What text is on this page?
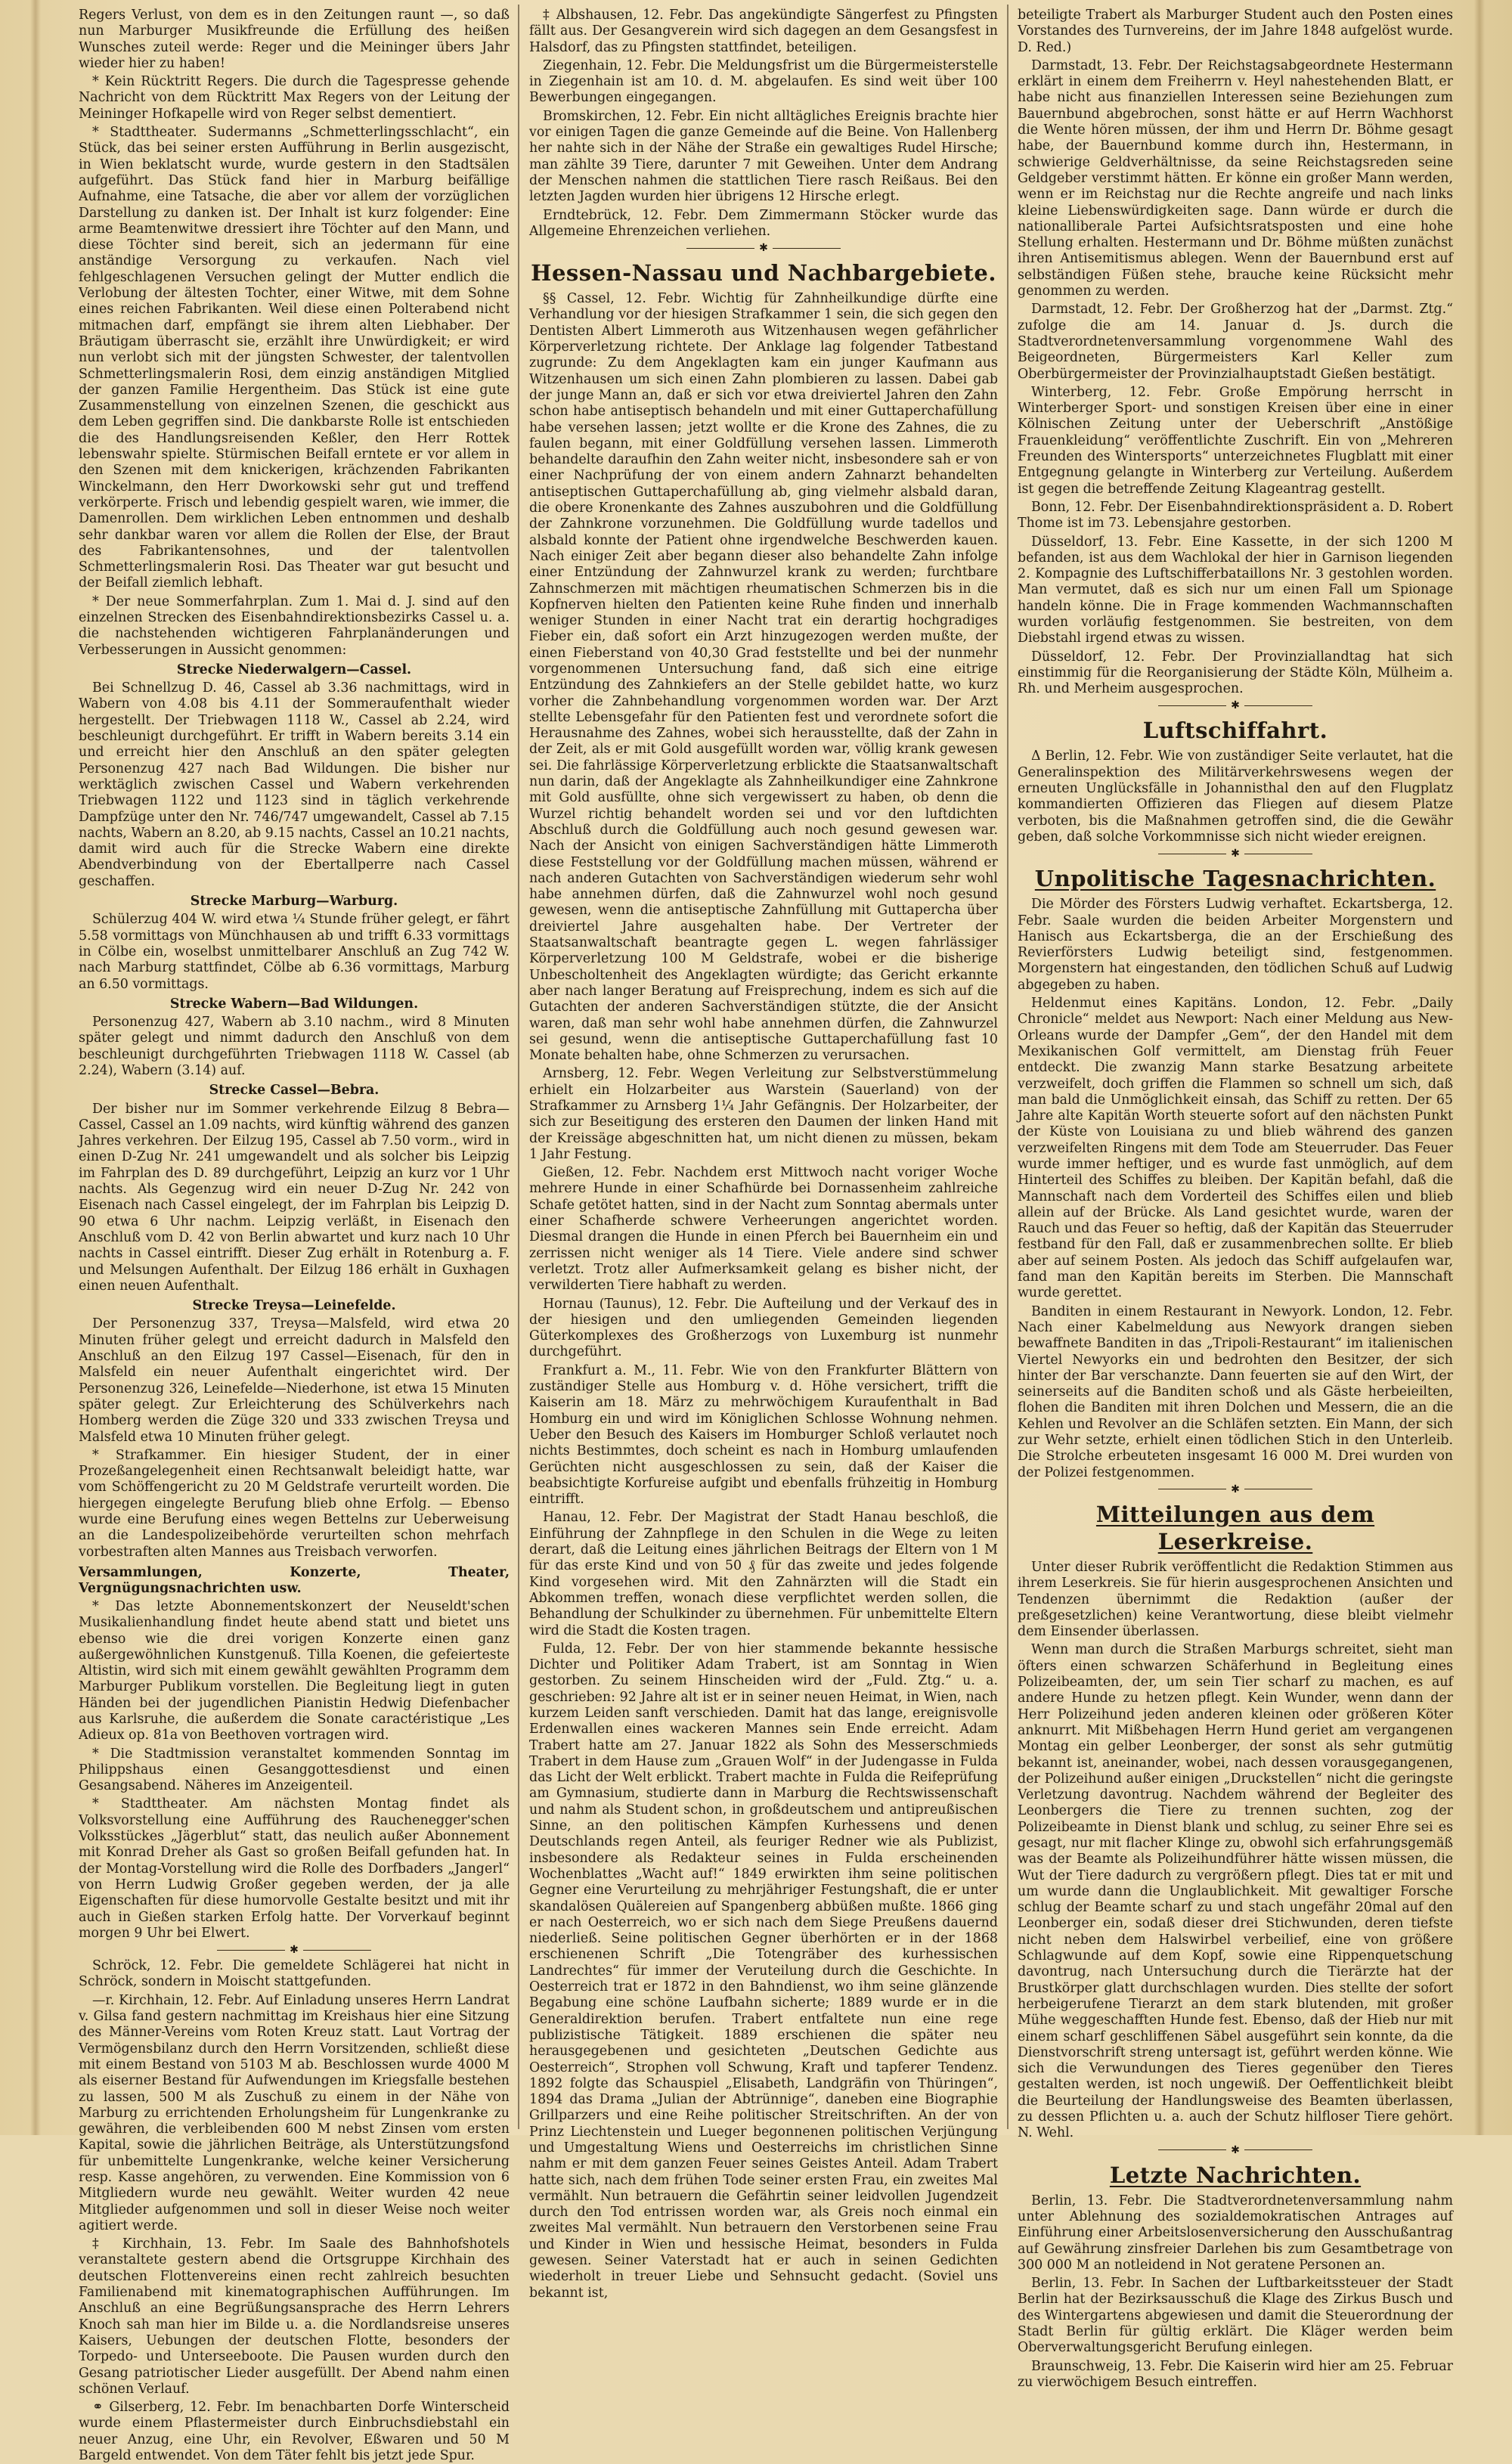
Regers Verlust, von dem es in den Zeitungen raunt —, so daß nun Marburger Musikfreunde die Erfüllung des heißen Wunsches zuteil werde: Reger und die Meininger übers Jahr wieder hier zu haben!

* Kein Rücktritt Regers. Die durch die Tagespresse gehende Nachricht von dem Rücktritt Max Regers von der Leitung der Meininger Hofkapelle wird von Reger selbst dementiert.

* Stadttheater. Sudermanns „Schmetterlingsschlacht“, ein Stück, das bei seiner ersten Aufführung in Berlin ausgezischt, in Wien beklatscht wurde, wurde gestern in den Stadtsälen aufgeführt. Das Stück fand hier in Marburg beifällige Aufnahme, eine Tatsache, die aber vor allem der vorzüglichen Darstellung zu danken ist. Der Inhalt ist kurz folgender: Eine arme Beamtenwitwe dressiert ihre Töchter auf den Mann, und diese Töchter sind bereit, sich an jedermann für eine anständige Versorgung zu verkaufen. Nach viel fehlgeschlagenen Versuchen gelingt der Mutter endlich die Verlobung der ältesten Tochter, einer Witwe, mit dem Sohne eines reichen Fabrikanten. Weil diese einen Polterabend nicht mitmachen darf, empfängt sie ihrem alten Liebhaber. Der Bräutigam überrascht sie, erzählt ihre Unwürdigkeit; er wird nun verlobt sich mit der jüngsten Schwester, der talentvollen Schmetterlingsmalerin Rosi, dem einzig anständigen Mitglied der ganzen Familie Hergentheim. Das Stück ist eine gute Zusammenstellung von einzelnen Szenen, die geschickt aus dem Leben gegriffen sind. Die dankbarste Rolle ist entschieden die des Handlungsreisenden Keßler, den Herr Rottek lebenswahr spielte. Stürmischen Beifall erntete er vor allem in den Szenen mit dem knickerigen, krächzenden Fabrikanten Winckelmann, den Herr Dworkowski sehr gut und treffend verkörperte. Frisch und lebendig gespielt waren, wie immer, die Damenrollen. Dem wirklichen Leben entnommen und deshalb sehr dankbar waren vor allem die Rollen der Else, der Braut des Fabrikantensohnes, und der talentvollen Schmetterlingsmalerin Rosi. Das Theater war gut besucht und der Beifall ziemlich lebhaft.

* Der neue Sommerfahrplan. Zum 1. Mai d. J. sind auf den einzelnen Strecken des Eisenbahndirektionsbezirks Cassel u. a. die nachstehenden wichtigeren Fahrplanänderungen und Verbesserungen in Aussicht genommen:

Strecke Niederwalgern—Cassel.

Bei Schnellzug D. 46, Cassel ab 3.36 nachmittags, wird in Wabern von 4.08 bis 4.11 der Sommeraufenthalt wieder hergestellt. Der Triebwagen 1118 W., Cassel ab 2.24, wird beschleunigt durchgeführt. Er trifft in Wabern bereits 3.14 ein und erreicht hier den Anschluß an den später gelegten Personenzug 427 nach Bad Wildungen. Die bisher nur werktäglich zwischen Cassel und Wabern verkehrenden Triebwagen 1122 und 1123 sind in täglich verkehrende Dampfzüge unter den Nr. 746/747 umgewandelt, Cassel ab 7.15 nachts, Wabern an 8.20, ab 9.15 nachts, Cassel an 10.21 nachts, damit wird auch für die Strecke Wabern eine direkte Abendverbindung von der Ebertallperre nach Cassel geschaffen.

Strecke Marburg—Warburg.

Schülerzug 404 W. wird etwa ¼ Stunde früher gelegt, er fährt 5.58 vormittags von Münchhausen ab und trifft 6.33 vormittags in Cölbe ein, woselbst unmittelbarer Anschluß an Zug 742 W. nach Marburg stattfindet, Cölbe ab 6.36 vormittags, Marburg an 6.50 vormittags.

Strecke Wabern—Bad Wildungen.

Personenzug 427, Wabern ab 3.10 nachm., wird 8 Minuten später gelegt und nimmt dadurch den Anschluß von dem beschleunigt durchgeführten Triebwagen 1118 W. Cassel (ab 2.24), Wabern (3.14) auf.

Strecke Cassel—Bebra.

Der bisher nur im Sommer verkehrende Eilzug 8 Bebra—Cassel, Cassel an 1.09 nachts, wird künftig während des ganzen Jahres verkehren. Der Eilzug 195, Cassel ab 7.50 vorm., wird in einen D-Zug Nr. 241 umgewandelt und als solcher bis Leipzig im Fahrplan des D. 89 durchgeführt, Leipzig an kurz vor 1 Uhr nachts. Als Gegenzug wird ein neuer D-Zug Nr. 242 von Eisenach nach Cassel eingelegt, der im Fahrplan bis Leipzig D. 90 etwa 6 Uhr nachm. Leipzig verläßt, in Eisenach den Anschluß vom D. 42 von Berlin abwartet und kurz nach 10 Uhr nachts in Cassel eintrifft. Dieser Zug erhält in Rotenburg a. F. und Melsungen Aufenthalt. Der Eilzug 186 erhält in Guxhagen einen neuen Aufenthalt.

Strecke Treysa—Leinefelde.

Der Personenzug 337, Treysa—Malsfeld, wird etwa 20 Minuten früher gelegt und erreicht dadurch in Malsfeld den Anschluß an den Eilzug 197 Cassel—Eisenach, für den in Malsfeld ein neuer Aufenthalt eingerichtet wird. Der Personenzug 326, Leinefelde—Niederhone, ist etwa 15 Minuten später gelegt. Zur Erleichterung des Schülverkehrs nach Homberg werden die Züge 320 und 333 zwischen Treysa und Malsfeld etwa 10 Minuten früher gelegt.

* Strafkammer. Ein hiesiger Student, der in einer Prozeßangelegenheit einen Rechtsanwalt beleidigt hatte, war vom Schöffengericht zu 20 M Geldstrafe verurteilt worden. Die hiergegen eingelegte Berufung blieb ohne Erfolg. — Ebenso wurde eine Berufung eines wegen Bettelns zur Ueberweisung an die Landespolizeibehörde verurteilten schon mehrfach vorbestraften alten Mannes aus Treisbach verworfen.

Versammlungen, Konzerte, Theater, Vergnügungsnachrichten usw.

* Das letzte Abonnementskonzert der Neuseldt'schen Musikalienhandlung findet heute abend statt und bietet uns ebenso wie die drei vorigen Konzerte einen ganz außergewöhnlichen Kunstgenuß. Tilla Koenen, die gefeierteste Altistin, wird sich mit einem gewählt gewählten Programm dem Marburger Publikum vorstellen. Die Begleitung liegt in guten Händen bei der jugendlichen Pianistin Hedwig Diefenbacher aus Karlsruhe, die außerdem die Sonate caractéristique „Les Adieux op. 81a von Beethoven vortragen wird.

* Die Stadtmission veranstaltet kommenden Sonntag im Philippshaus einen Gesanggottesdienst und einen Gesangsabend. Näheres im Anzeigenteil.

* Stadttheater. Am nächsten Montag findet als Volksvorstellung eine Aufführung des Rauchenegger'schen Volksstückes „Jägerblut“ statt, das neulich außer Abonnement mit Konrad Dreher als Gast so großen Beifall gefunden hat. In der Montag-Vorstellung wird die Rolle des Dorfbaders „Jangerl“ von Herrn Ludwig Großer gegeben werden, der ja alle Eigenschaften für diese humorvolle Gestalte besitzt und mit ihr auch in Gießen starken Erfolg hatte. Der Vorverkauf beginnt morgen 9 Uhr bei Elwert.

✱

Schröck, 12. Febr. Die gemeldete Schlägerei hat nicht in Schröck, sondern in Moischt stattgefunden.

—r. Kirchhain, 12. Febr. Auf Einladung unseres Herrn Landrat v. Gilsa fand gestern nachmittag im Kreishaus hier eine Sitzung des Männer-Vereins vom Roten Kreuz statt. Laut Vortrag der Vermögensbilanz durch den Herrn Vorsitzenden, schließt diese mit einem Bestand von 5103 M ab. Beschlossen wurde 4000 M als eiserner Bestand für Aufwendungen im Kriegsfalle bestehen zu lassen, 500 M als Zuschuß zu einem in der Nähe von Marburg zu errichtenden Erholungsheim für Lungenkranke zu gewähren, die verbleibenden 600 M nebst Zinsen vom ersten Kapital, sowie die jährlichen Beiträge, als Unterstützungsfond für unbemittelte Lungenkranke, welche keiner Versicherung resp. Kasse angehören, zu verwenden. Eine Kommission von 6 Mitgliedern wurde neu gewählt. Weiter wurden 42 neue Mitglieder aufgenommen und soll in dieser Weise noch weiter agitiert werde.

‡ Kirchhain, 13. Febr. Im Saale des Bahnhofshotels veranstaltete gestern abend die Ortsgruppe Kirchhain des deutschen Flottenvereins einen recht zahlreich besuchten Familienabend mit kinematographischen Aufführungen. Im Anschluß an eine Begrüßungsansprache des Herrn Lehrers Knoch sah man hier im Bilde u. a. die Nordlandsreise unseres Kaisers, Uebungen der deutschen Flotte, besonders der Torpedo- und Unterseeboote. Die Pausen wurden durch den Gesang patriotischer Lieder ausgefüllt. Der Abend nahm einen schönen Verlauf.

⚭ Gilserberg, 12. Febr. Im benachbarten Dorfe Winterscheid wurde einem Pflastermeister durch Einbruchsdiebstahl ein neuer Anzug, eine Uhr, ein Revolver, Eßwaren und 50 M Bargeld entwendet. Von dem Täter fehlt bis jetzt jede Spur.

‡ Albshausen, 12. Febr. Das angekündigte Sängerfest zu Pfingsten fällt aus. Der Gesangverein wird sich dagegen an dem Gesangsfest in Halsdorf, das zu Pfingsten stattfindet, beteiligen.

Ziegenhain, 12. Febr. Die Meldungsfrist um die Bürgermeisterstelle in Ziegenhain ist am 10. d. M. abgelaufen. Es sind weit über 100 Bewerbungen eingegangen.

Bromskirchen, 12. Febr. Ein nicht alltägliches Ereignis brachte hier vor einigen Tagen die ganze Gemeinde auf die Beine. Von Hallenberg her nahte sich in der Nähe der Straße ein gewaltiges Rudel Hirsche; man zählte 39 Tiere, darunter 7 mit Geweihen. Unter dem Andrang der Menschen nahmen die stattlichen Tiere rasch Reißaus. Bei den letzten Jagden wurden hier übrigens 12 Hirsche erlegt.

Erndtebrück, 12. Febr. Dem Zimmermann Stöcker wurde das Allgemeine Ehrenzeichen verliehen.

✱
Hessen-Nassau und Nachbargebiete.

§§ Cassel, 12. Febr. Wichtig für Zahnheilkundige dürfte eine Verhandlung vor der hiesigen Strafkammer 1 sein, die sich gegen den Dentisten Albert Limmeroth aus Witzenhausen wegen gefährlicher Körperverletzung richtete. Der Anklage lag folgender Tatbestand zugrunde: Zu dem Angeklagten kam ein junger Kaufmann aus Witzenhausen um sich einen Zahn plombieren zu lassen. Dabei gab der junge Mann an, daß er sich vor etwa dreiviertel Jahren den Zahn schon habe antiseptisch behandeln und mit einer Guttaperchafüllung habe versehen lassen; jetzt wollte er die Krone des Zahnes, die zu faulen begann, mit einer Goldfüllung versehen lassen. Limmeroth behandelte daraufhin den Zahn weiter nicht, insbesondere sah er von einer Nachprüfung der von einem andern Zahnarzt behandelten antiseptischen Guttaperchafüllung ab, ging vielmehr alsbald daran, die obere Kronenkante des Zahnes auszubohren und die Goldfüllung der Zahnkrone vorzunehmen. Die Goldfüllung wurde tadellos und alsbald konnte der Patient ohne irgendwelche Beschwerden kauen. Nach einiger Zeit aber begann dieser also behandelte Zahn infolge einer Entzündung der Zahnwurzel krank zu werden; furchtbare Zahnschmerzen mit mächtigen rheumatischen Schmerzen bis in die Kopfnerven hielten den Patienten keine Ruhe finden und innerhalb weniger Stunden in einer Nacht trat ein derartig hochgradiges Fieber ein, daß sofort ein Arzt hinzugezogen werden mußte, der einen Fieberstand von 40,30 Grad feststellte und bei der nunmehr vorgenommenen Untersuchung fand, daß sich eine eitrige Entzündung des Zahnkiefers an der Stelle gebildet hatte, wo kurz vorher die Zahnbehandlung vorgenommen worden war. Der Arzt stellte Lebensgefahr für den Patienten fest und verordnete sofort die Herausnahme des Zahnes, wobei sich herausstellte, daß der Zahn in der Zeit, als er mit Gold ausgefüllt worden war, völlig krank gewesen sei. Die fahrlässige Körperverletzung erblickte die Staatsanwaltschaft nun darin, daß der Angeklagte als Zahnheilkundiger eine Zahnkrone mit Gold ausfüllte, ohne sich vergewissert zu haben, ob denn die Wurzel richtig behandelt worden sei und vor den luftdichten Abschluß durch die Goldfüllung auch noch gesund gewesen war. Nach der Ansicht von einigen Sachverständigen hätte Limmeroth diese Feststellung vor der Goldfüllung machen müssen, während er nach anderen Gutachten von Sachverständigen wiederum sehr wohl habe annehmen dürfen, daß die Zahnwurzel wohl noch gesund gewesen, wenn die antiseptische Zahnfüllung mit Guttapercha über dreiviertel Jahre ausgehalten habe. Der Vertreter der Staatsanwaltschaft beantragte gegen L. wegen fahrlässiger Körperverletzung 100 M Geldstrafe, wobei er die bisherige Unbescholtenheit des Angeklagten würdigte; das Gericht erkannte aber nach langer Beratung auf Freisprechung, indem es sich auf die Gutachten der anderen Sachverständigen stützte, die der Ansicht waren, daß man sehr wohl habe annehmen dürfen, die Zahnwurzel sei gesund, wenn die antiseptische Guttaperchafüllung fast 10 Monate behalten habe, ohne Schmerzen zu verursachen.

Arnsberg, 12. Febr. Wegen Verleitung zur Selbstverstümmelung erhielt ein Holzarbeiter aus Warstein (Sauerland) von der Strafkammer zu Arnsberg 1¼ Jahr Gefängnis. Der Holzarbeiter, der sich zur Beseitigung des ersteren den Daumen der linken Hand mit der Kreissäge abgeschnitten hat, um nicht dienen zu müssen, bekam 1 Jahr Festung.

Gießen, 12. Febr. Nachdem erst Mittwoch nacht voriger Woche mehrere Hunde in einer Schafhürde bei Dornassenheim zahlreiche Schafe getötet hatten, sind in der Nacht zum Sonntag abermals unter einer Schafherde schwere Verheerungen angerichtet worden. Diesmal drangen die Hunde in einen Pferch bei Bauernheim ein und zerrissen nicht weniger als 14 Tiere. Viele andere sind schwer verletzt. Trotz aller Aufmerksamkeit gelang es bisher nicht, der verwilderten Tiere habhaft zu werden.

Hornau (Taunus), 12. Febr. Die Aufteilung und der Verkauf des in der hiesigen und den umliegenden Gemeinden liegenden Güterkomplexes des Großherzogs von Luxemburg ist nunmehr durchgeführt.

Frankfurt a. M., 11. Febr. Wie von den Frankfurter Blättern von zuständiger Stelle aus Homburg v. d. Höhe versichert, trifft die Kaiserin am 18. März zu mehrwöchigem Kuraufenthalt in Bad Homburg ein und wird im Königlichen Schlosse Wohnung nehmen. Ueber den Besuch des Kaisers im Homburger Schloß verlautet noch nichts Bestimmtes, doch scheint es nach in Homburg umlaufenden Gerüchten nicht ausgeschlossen zu sein, daß der Kaiser die beabsichtigte Korfureise aufgibt und ebenfalls frühzeitig in Homburg eintrifft.

Hanau, 12. Febr. Der Magistrat der Stadt Hanau beschloß, die Einführung der Zahnpflege in den Schulen in die Wege zu leiten derart, daß die Leitung eines jährlichen Beitrags der Eltern von 1 M für das erste Kind und von 50 ₰ für das zweite und jedes folgende Kind vorgesehen wird. Mit den Zahnärzten will die Stadt ein Abkommen treffen, wonach diese verpflichtet werden sollen, die Behandlung der Schulkinder zu übernehmen. Für unbemittelte Eltern wird die Stadt die Kosten tragen.

Fulda, 12. Febr. Der von hier stammende bekannte hessische Dichter und Politiker Adam Trabert, ist am Sonntag in Wien gestorben. Zu seinem Hinscheiden wird der „Fuld. Ztg.“ u. a. geschrieben: 92 Jahre alt ist er in seiner neuen Heimat, in Wien, nach kurzem Leiden sanft verschieden. Damit hat das lange, ereignisvolle Erdenwallen eines wackeren Mannes sein Ende erreicht. Adam Trabert hatte am 27. Januar 1822 als Sohn des Messerschmieds Trabert in dem Hause zum „Grauen Wolf“ in der Judengasse in Fulda das Licht der Welt erblickt. Trabert machte in Fulda die Reifeprüfung am Gymnasium, studierte dann in Marburg die Rechtswissenschaft und nahm als Student schon, in großdeutschem und antipreußischen Sinne, an den politischen Kämpfen Kurhessens und denen Deutschlands regen Anteil, als feuriger Redner wie als Publizist, insbesondere als Redakteur seines in Fulda erscheinenden Wochenblattes „Wacht auf!“ 1849 erwirkten ihm seine politischen Gegner eine Verurteilung zu mehrjähriger Festungshaft, die er unter skandalösen Quälereien auf Spangenberg abbüßen mußte. 1866 ging er nach Oesterreich, wo er sich nach dem Siege Preußens dauernd niederließ. Seine politischen Gegner überhörten er in der 1868 erschienenen Schrift „Die Totengräber des kurhessischen Landrechtes“ für immer der Veruteilung durch die Geschichte. In Oesterreich trat er 1872 in den Bahndienst, wo ihm seine glänzende Begabung eine schöne Laufbahn sicherte; 1889 wurde er in die Generaldirektion berufen. Trabert entfaltete nun eine rege publizistische Tätigkeit. 1889 erschienen die später neu herausgegebenen und gesichteten „Deutschen Gedichte aus Oesterreich“, Strophen voll Schwung, Kraft und tapferer Tendenz. 1892 folgte das Schauspiel „Elisabeth, Landgräfin von Thüringen“, 1894 das Drama „Julian der Abtrünnige“, daneben eine Biographie Grillparzers und eine Reihe politischer Streitschriften. An der von Prinz Liechtenstein und Lueger begonnenen politischen Verjüngung und Umgestaltung Wiens und Oesterreichs im christlichen Sinne nahm er mit dem ganzen Feuer seines Geistes Anteil. Adam Trabert hatte sich, nach dem frühen Tode seiner ersten Frau, ein zweites Mal vermählt. Nun betrauern die Gefährtin seiner leidvollen Jugendzeit durch den Tod entrissen worden war, als Greis noch einmal ein zweites Mal vermählt. Nun betrauern den Verstorbenen seine Frau und Kinder in Wien und hessische Heimat, besonders in Fulda gewesen. Seiner Vaterstadt hat er auch in seinen Gedichten wiederholt in treuer Liebe und Sehnsucht gedacht. (Soviel uns bekannt ist,

beteiligte Trabert als Marburger Student auch den Posten eines Vorstandes des Turnvereins, der im Jahre 1848 aufgelöst wurde. D. Red.)

Darmstadt, 13. Febr. Der Reichstagsabgeordnete Hestermann erklärt in einem dem Freiherrn v. Heyl nahestehenden Blatt, er habe nicht aus finanziellen Interessen seine Beziehungen zum Bauernbund abgebrochen, sonst hätte er auf Herrn Wachhorst die Wente hören müssen, der ihm und Herrn Dr. Böhme gesagt habe, der Bauernbund komme durch ihn, Hestermann, in schwierige Geldverhältnisse, da seine Reichstagsreden seine Geldgeber verstimmt hätten. Er könne ein großer Mann werden, wenn er im Reichstag nur die Rechte angreife und nach links kleine Liebenswürdigkeiten sage. Dann würde er durch die nationalliberale Partei Aufsichtsratsposten und eine hohe Stellung erhalten. Hestermann und Dr. Böhme müßten zunächst ihren Antisemitismus ablegen. Wenn der Bauernbund erst auf selbständigen Füßen stehe, brauche keine Rücksicht mehr genommen zu werden.

Darmstadt, 12. Febr. Der Großherzog hat der „Darmst. Ztg.“ zufolge die am 14. Januar d. Js. durch die Stadtverordnetenversammlung vorgenommene Wahl des Beigeordneten, Bürgermeisters Karl Keller zum Oberbürgermeister der Provinzialhauptstadt Gießen bestätigt.

Winterberg, 12. Febr. Große Empörung herrscht in Winterberger Sport- und sonstigen Kreisen über eine in einer Kölnischen Zeitung unter der Ueberschrift „Anstößige Frauenkleidung“ veröffentlichte Zuschrift. Ein von „Mehreren Freunden des Wintersports“ unterzeichnetes Flugblatt mit einer Entgegnung gelangte in Winterberg zur Verteilung. Außerdem ist gegen die betreffende Zeitung Klageantrag gestellt.

Bonn, 12. Febr. Der Eisenbahndirektionspräsident a. D. Robert Thome ist im 73. Lebensjahre gestorben.

Düsseldorf, 13. Febr. Eine Kassette, in der sich 1200 M befanden, ist aus dem Wachlokal der hier in Garnison liegenden 2. Kompagnie des Luftschifferbataillons Nr. 3 gestohlen worden. Man vermutet, daß es sich nur um einen Fall um Spionage handeln könne. Die in Frage kommenden Wachmannschaften wurden vorläufig festgenommen. Sie bestreiten, von dem Diebstahl irgend etwas zu wissen.

Düsseldorf, 12. Febr. Der Provinziallandtag hat sich einstimmig für die Reorganisierung der Städte Köln, Mülheim a. Rh. und Merheim ausgesprochen.

✱
Luftschiffahrt.

Δ Berlin, 12. Febr. Wie von zuständiger Seite verlautet, hat die Generalinspektion des Militärverkehrswesens wegen der erneuten Unglücksfälle in Johannisthal den auf den Flugplatz kommandierten Offizieren das Fliegen auf diesem Platze verboten, bis die Maßnahmen getroffen sind, die die Gewähr geben, daß solche Vorkommnisse sich nicht wieder ereignen.

✱
Unpolitische Tagesnachrichten.

Die Mörder des Försters Ludwig verhaftet. Eckartsberga, 12. Febr. Saale wurden die beiden Arbeiter Morgenstern und Hanisch aus Eckartsberga, die an der Erschießung des Revierförsters Ludwig beteiligt sind, festgenommen. Morgenstern hat eingestanden, den tödlichen Schuß auf Ludwig abgegeben zu haben.

Heldenmut eines Kapitäns. London, 12. Febr. „Daily Chronicle“ meldet aus Newport: Nach einer Meldung aus New-Orleans wurde der Dampfer „Gem“, der den Handel mit dem Mexikanischen Golf vermittelt, am Dienstag früh Feuer entdeckt. Die zwanzig Mann starke Besatzung arbeitete verzweifelt, doch griffen die Flammen so schnell um sich, daß man bald die Unmöglichkeit einsah, das Schiff zu retten. Der 65 Jahre alte Kapitän Worth steuerte sofort auf den nächsten Punkt der Küste von Louisiana zu und blieb während des ganzen verzweifelten Ringens mit dem Tode am Steuerruder. Das Feuer wurde immer heftiger, und es wurde fast unmöglich, auf dem Hinterteil des Schiffes zu bleiben. Der Kapitän befahl, daß die Mannschaft nach dem Vorderteil des Schiffes eilen und blieb allein auf der Brücke. Als Land gesichtet wurde, waren der Rauch und das Feuer so heftig, daß der Kapitän das Steuerruder festband für den Fall, daß er zusammenbrechen sollte. Er blieb aber auf seinem Posten. Als jedoch das Schiff aufgelaufen war, fand man den Kapitän bereits im Sterben. Die Mannschaft wurde gerettet.

Banditen in einem Restaurant in Newyork. London, 12. Febr. Nach einer Kabelmeldung aus Newyork drangen sieben bewaffnete Banditen in das „Tripoli-Restaurant“ im italienischen Viertel Newyorks ein und bedrohten den Besitzer, der sich hinter der Bar verschanzte. Dann feuerten sie auf den Wirt, der seinerseits auf die Banditen schoß und als Gäste herbeieilten, flohen die Banditen mit ihren Dolchen und Messern, die an die Kehlen und Revolver an die Schläfen setzten. Ein Mann, der sich zur Wehr setzte, erhielt einen tödlichen Stich in den Unterleib. Die Strolche erbeuteten insgesamt 16 000 M. Drei wurden von der Polizei festgenommen.

✱
Mitteilungen aus dem Leserkreise.

Unter dieser Rubrik veröffentlicht die Redaktion Stimmen aus ihrem Leserkreis. Sie für hierin ausgesprochenen Ansichten und Tendenzen übernimmt die Redaktion (außer der preßgesetzlichen) keine Verantwortung, diese bleibt vielmehr dem Einsender überlassen.

Wenn man durch die Straßen Marburgs schreitet, sieht man öfters einen schwarzen Schäferhund in Begleitung eines Polizeibeamten, der, um sein Tier scharf zu machen, es auf andere Hunde zu hetzen pflegt. Kein Wunder, wenn dann der Herr Polizeihund jeden anderen kleinen oder größeren Köter anknurrt. Mit Mißbehagen Herrn Hund geriet am vergangenen Montag ein gelber Leonberger, der sonst als sehr gutmütig bekannt ist, aneinander, wobei, nach dessen vorausgegangenen, der Polizeihund außer einigen „Druckstellen“ nicht die geringste Verletzung davontrug. Nachdem während der Begleiter des Leonbergers die Tiere zu trennen suchten, zog der Polizeibeamte in Dienst blank und schlug, zu seiner Ehre sei es gesagt, nur mit flacher Klinge zu, obwohl sich erfahrungsgemäß was der Beamte als Polizeihundführer hätte wissen müssen, die Wut der Tiere dadurch zu vergrößern pflegt. Dies tat er mit und um wurde dann die Unglaublichkeit. Mit gewaltiger Forsche schlug der Beamte scharf zu und stach ungefähr 20mal auf den Leonberger ein, sodaß dieser drei Stichwunden, deren tiefste nicht neben dem Halswirbel verbeilief, eine von größere Schlagwunde auf dem Kopf, sowie eine Rippenquetschung davontrug, nach Untersuchung durch die Tierärzte hat der Brustkörper glatt durchschlagen wurden. Dies stellte der sofort herbeigerufene Tierarzt an dem stark blutenden, mit großer Mühe weggeschafften Hunde fest. Ebenso, daß der Hieb nur mit einem scharf geschliffenen Säbel ausgeführt sein konnte, da die Dienstvorschrift streng untersagt ist, geführt werden könne. Wie sich die Verwundungen des Tieres gegenüber den Tieres gestalten werden, ist noch ungewiß. Der Oeffentlichkeit bleibt die Beurteilung der Handlungsweise des Beamten überlassen, zu dessen Pflichten u. a. auch der Schutz hilfloser Tiere gehört. N. Wehl.

✱
Letzte Nachrichten.

Berlin, 13. Febr. Die Stadtverordnetenversammlung nahm unter Ablehnung des sozialdemokratischen Antrages auf Einführung einer Arbeitslosenversicherung den Ausschußantrag auf Gewährung zinsfreier Darlehen bis zum Gesamtbetrage von 300 000 M an notleidend in Not geratene Personen an.

Berlin, 13. Febr. In Sachen der Luftbarkeitssteuer der Stadt Berlin hat der Bezirksausschuß die Klage des Zirkus Busch und des Wintergartens abgewiesen und damit die Steuerordnung der Stadt Berlin für gültig erklärt. Die Kläger werden beim Oberverwaltungsgericht Berufung einlegen.

Braunschweig, 13. Febr. Die Kaiserin wird hier am 25. Februar zu vierwöchigem Besuch eintreffen.
